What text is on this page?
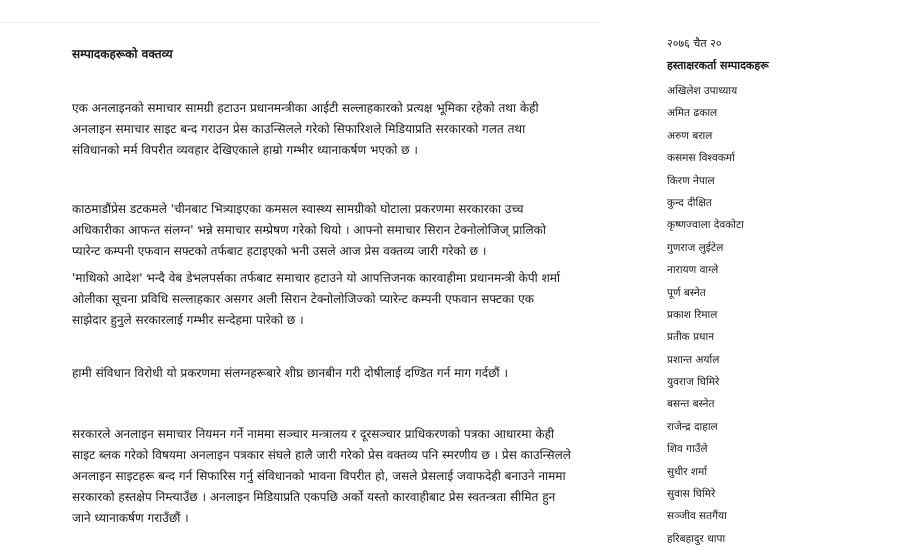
सम्पादकहरूको वक्तव्य

एक अनलाइनको समाचार सामग्री हटाउन प्रधानमन्त्रीका आईटी सल्लाहकारको प्रत्यक्ष भूमिका रहेको तथा केही अनलाइन समाचार साइट बन्द गराउन प्रेस काउन्सिलले गरेको सिफारिशले मिडियाप्रति सरकारको गलत तथा संविधानको मर्म विपरीत व्यवहार देखिएकाले हाम्रो गम्भीर ध्यानाकर्षण भएको छ ।

काठमाडौंप्रेस डटकमले 'चीनबाट भित्र्याइएका कमसल स्वास्थ्य सामग्रीको घोटाला प्रकरणमा सरकारका उच्च अधिकारीका आफन्त संलग्न' भन्ने समाचार सम्प्रेषण गरेको थियो । आफ्नो समाचार सिरान टेक्नोलोजिज् प्रालिको प्यारेन्ट कम्पनी एफवान सफ्टको तर्फबाट हटाइएको भनी उसले आज प्रेस वक्तव्य जारी गरेको छ ।

'माथिको आदेश' भन्दै वेब डेभलपर्सका तर्फबाट समाचार हटाउने यो आपत्तिजनक कारवाहीमा प्रधानमन्त्री केपी शर्मा ओलीका सूचना प्रविधि सल्लाहकार असगर अली सिरान टेक्नोलोजिज्को प्यारेन्ट कम्पनी एफवान सफ्टका एक साझेदार हुनुले सरकारलाई गम्भीर सन्देहमा पारेको छ ।

हामी संविधान विरोधी यो प्रकरणमा संलग्नहरूबारे शीघ्र छानबीन गरी दोषीलाई दण्डित गर्न माग गर्दछौं ।

सरकारले अनलाइन समाचार नियमन गर्ने नाममा सञ्चार मन्त्रालय र दूरसञ्चार प्राधिकरणको पत्रका आधारमा केही साइट ब्लक गरेको विषयमा अनलाइन पत्रकार संघले हालै जारी गरेको प्रेस वक्तव्य पनि स्मरणीय छ । प्रेस काउन्सिलले अनलाइन साइटहरू बन्द गर्न सिफारिस गर्नु संविधानको भावना विपरीत हो, जसले प्रेसलाई जवाफदेही बनाउने नाममा सरकारको हस्तक्षेप निम्त्याउँछ । अनलाइन मिडियाप्रति एकपछि अर्को यस्तो कारवाहीबाट प्रेस स्वतन्त्रता सीमित हुन जाने ध्यानाकर्षण गराउँछौं ।

२०७६ चैत २०
हस्ताक्षरकर्ता सम्पादकहरू
अखिलेश उपाध्याय
अमित ढकाल
अरुण बराल
कसमस विश्वकर्मा
किरण नेपाल
कुन्द दीक्षित
कृष्णज्वाला देवकोटा
गुणराज लुईटेल
नारायण वाग्ले
पूर्ण बस्नेत
प्रकाश रिमाल
प्रतीक प्रधान
प्रशान्त अर्याल
युवराज घिमिरे
बसन्त बस्नेत
राजेन्द्र दाहाल
शिव गाउँले
सुधीर शर्मा
सुवास घिमिरे
सञ्जीव सतगैंया
हरिबहादुर थापा
